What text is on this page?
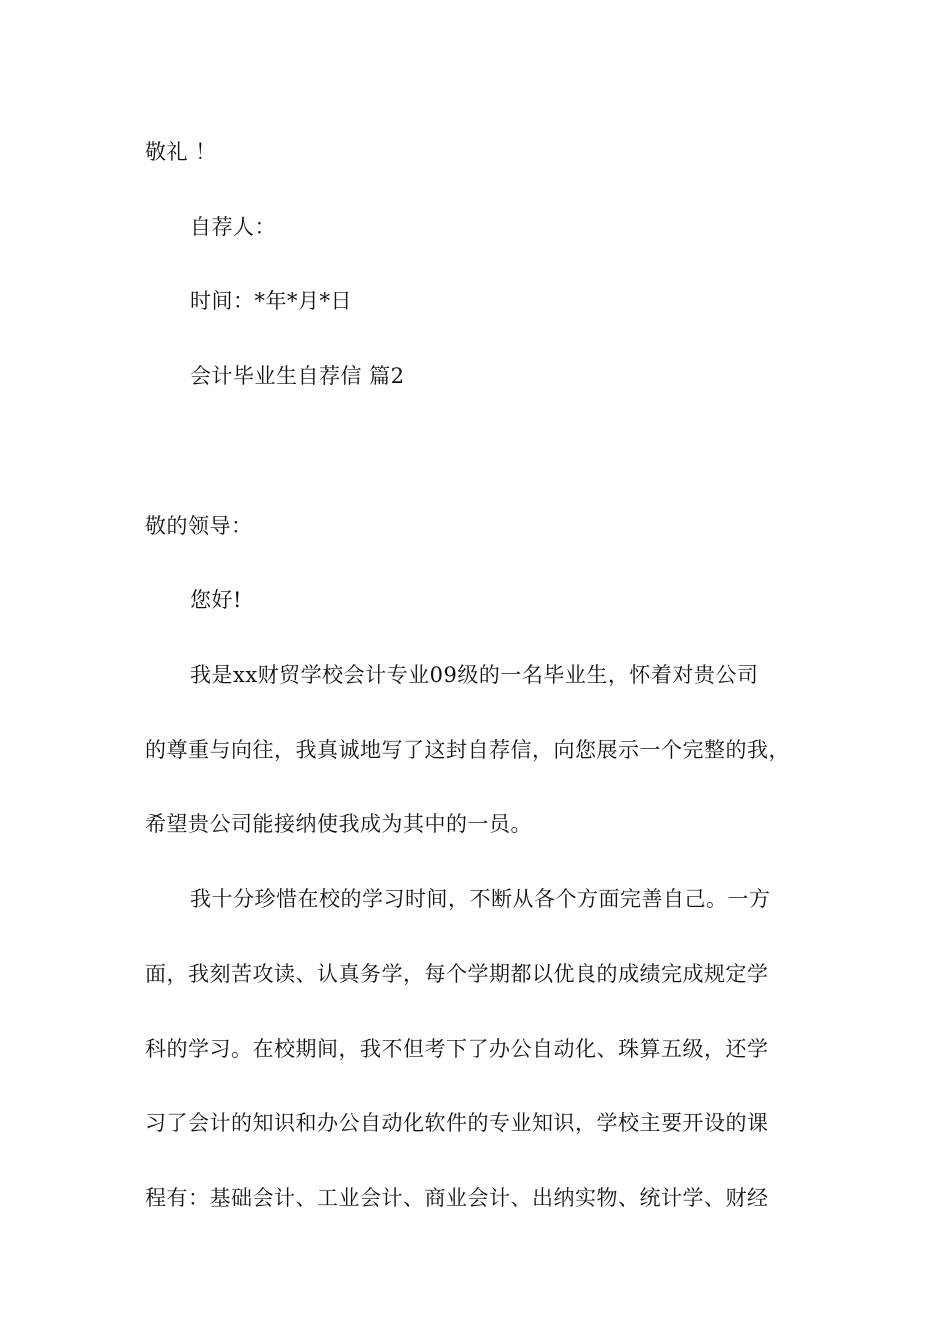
敬礼 ！
自荐人：
时间：*年*月*日
会计毕业生自荐信 篇2
敬的领导：
您好!
我是xx财贸学校会计专业09级的一名毕业生，怀着对贵公司
的尊重与向往，我真诚地写了这封自荐信，向您展示一个完整的我，
希望贵公司能接纳使我成为其中的一员。
我十分珍惜在校的学习时间，不断从各个方面完善自己。一方
面，我刻苦攻读、认真务学，每个学期都以优良的成绩完成规定学
科的学习。在校期间，我不但考下了办公自动化、珠算五级，还学
习了会计的知识和办公自动化软件的专业知识，学校主要开设的课
程有：基础会计、工业会计、商业会计、出纳实物、统计学、财经
